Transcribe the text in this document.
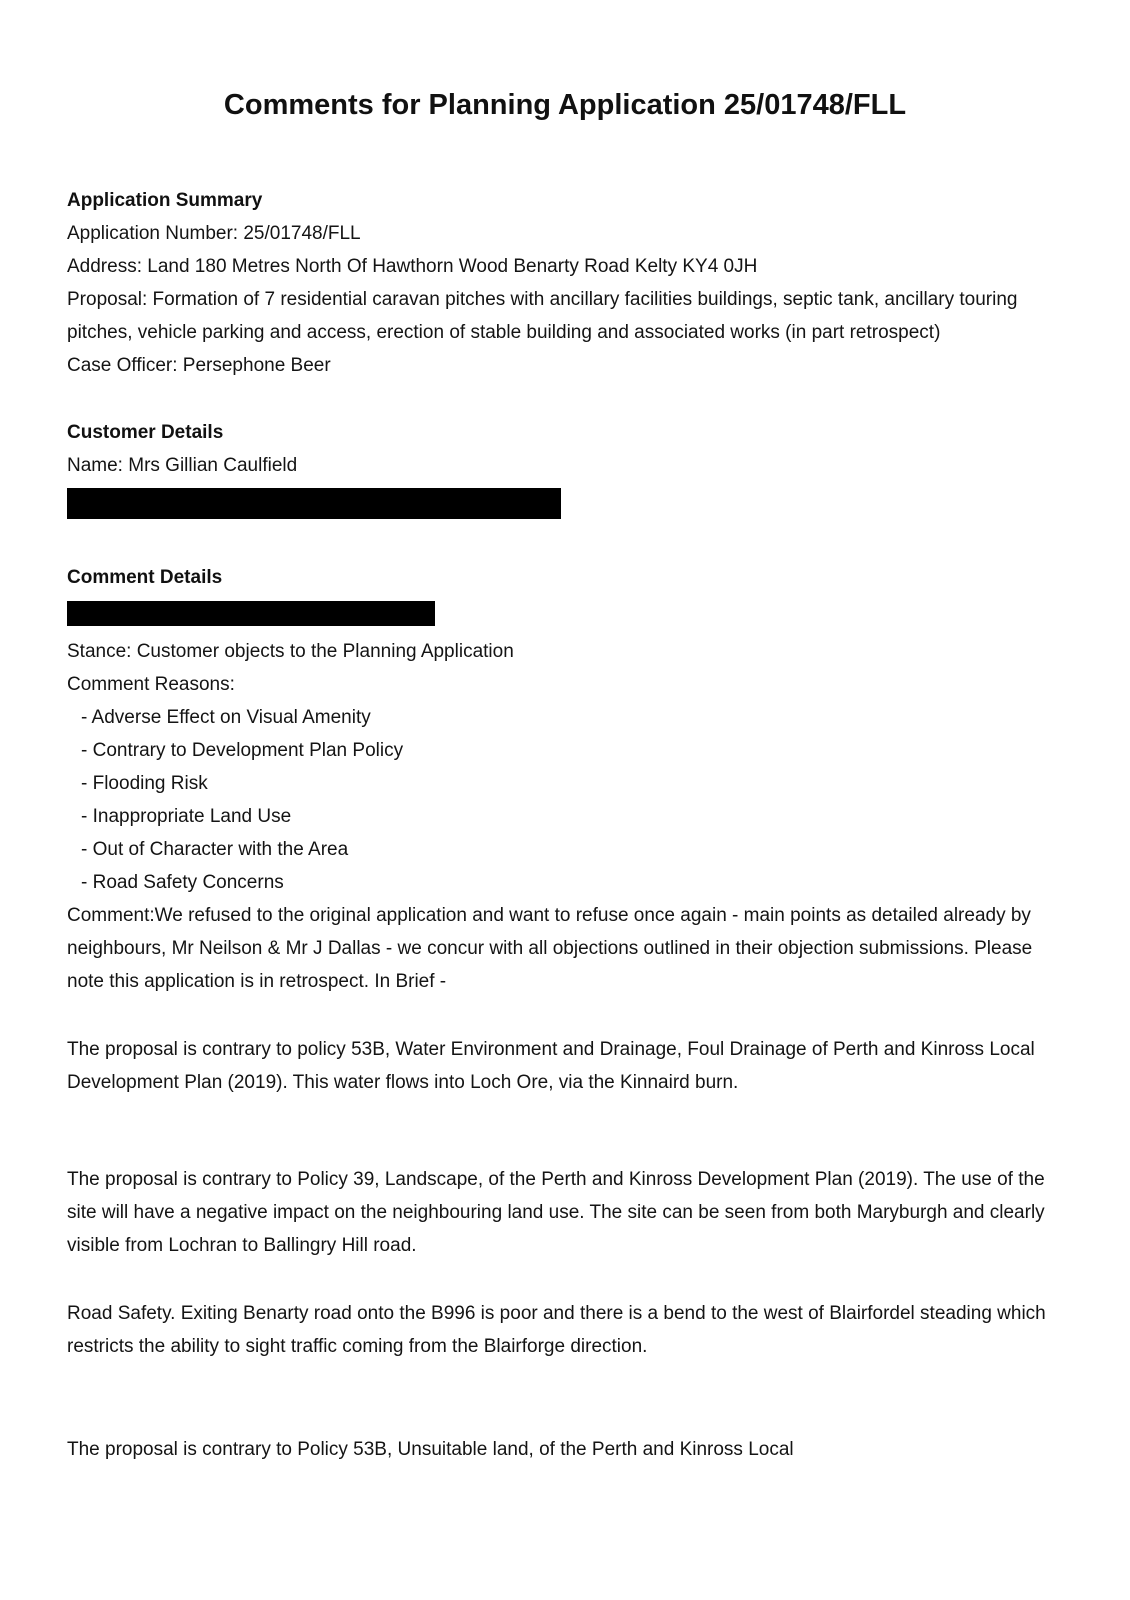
Comments for Planning Application 25/01748/FLL
Application Summary

Application Number: 25/01748/FLL

Address: Land 180 Metres North Of Hawthorn Wood Benarty Road Kelty KY4 0JH

Proposal: Formation of 7 residential caravan pitches with ancillary facilities buildings, septic tank, ancillary touring pitches, vehicle parking and access, erection of stable building and associated works (in part retrospect)

Case Officer: Persephone Beer

Customer Details

Name: Mrs Gillian Caulfield

Comment Details

Stance: Customer objects to the Planning Application

Comment Reasons:

- Adverse Effect on Visual Amenity
- Contrary to Development Plan Policy
- Flooding Risk
- Inappropriate Land Use
- Out of Character with the Area
- Road Safety Concerns

Comment:We refused to the original application and want to refuse once again - main points as detailed already by neighbours, Mr Neilson & Mr J Dallas - we concur with all objections outlined in their objection submissions. Please note this application is in retrospect. In Brief -

The proposal is contrary to policy 53B, Water Environment and Drainage, Foul Drainage of Perth and Kinross Local Development Plan (2019). This water flows into Loch Ore, via the Kinnaird burn.

The proposal is contrary to Policy 39, Landscape, of the Perth and Kinross Development Plan (2019). The use of the site will have a negative impact on the neighbouring land use. The site can be seen from both Maryburgh and clearly visible from Lochran to Ballingry Hill road.

Road Safety. Exiting Benarty road onto the B996 is poor and there is a bend to the west of Blairfordel steading which restricts the ability to sight traffic coming from the Blairforge direction.

The proposal is contrary to Policy 53B, Unsuitable land, of the Perth and Kinross Local
